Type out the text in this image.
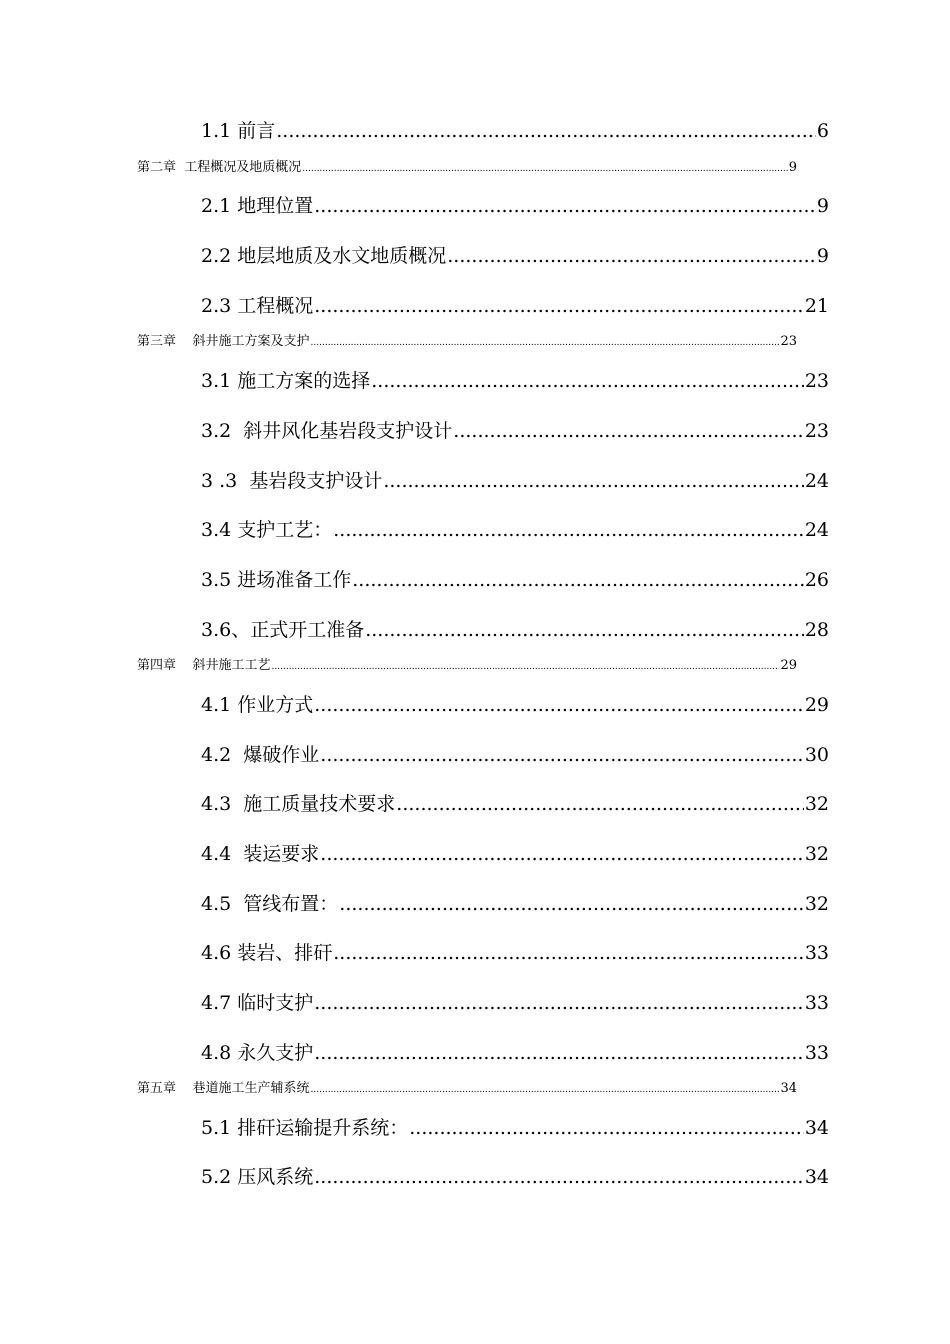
1.1 前言 .....	6
第二章  工程概况及地质概况 .....	9
2.1 地理位置 .....	9
2.2 地层地质及水文地质概况 .....	9
2.3 工程概况 .....	21
第三章    斜井施工方案及支护 .....	23
3.1 施工方案的选择 .....	23
3.2  斜井风化基岩段支护设计 .....	23
3 .3  基岩段支护设计 .....	24
3.4 支护工艺： .....	24
3.5 进场准备工作 .....	26
3.6、正式开工准备 .....	28
第四章    斜井施工工艺 .....	29
4.1 作业方式 .....	29
4.2  爆破作业 .....	30
4.3  施工质量技术要求 .....	32
4.4  装运要求 .....	32
4.5  管线布置： .....	32
4.6 装岩、排矸 .....	33
4.7 临时支护 .....	33
4.8 永久支护 .....	33
第五章    巷道施工生产辅系统 .....	34
5.1 排矸运输提升系统： .....	34
5.2 压风系统 .....	34
